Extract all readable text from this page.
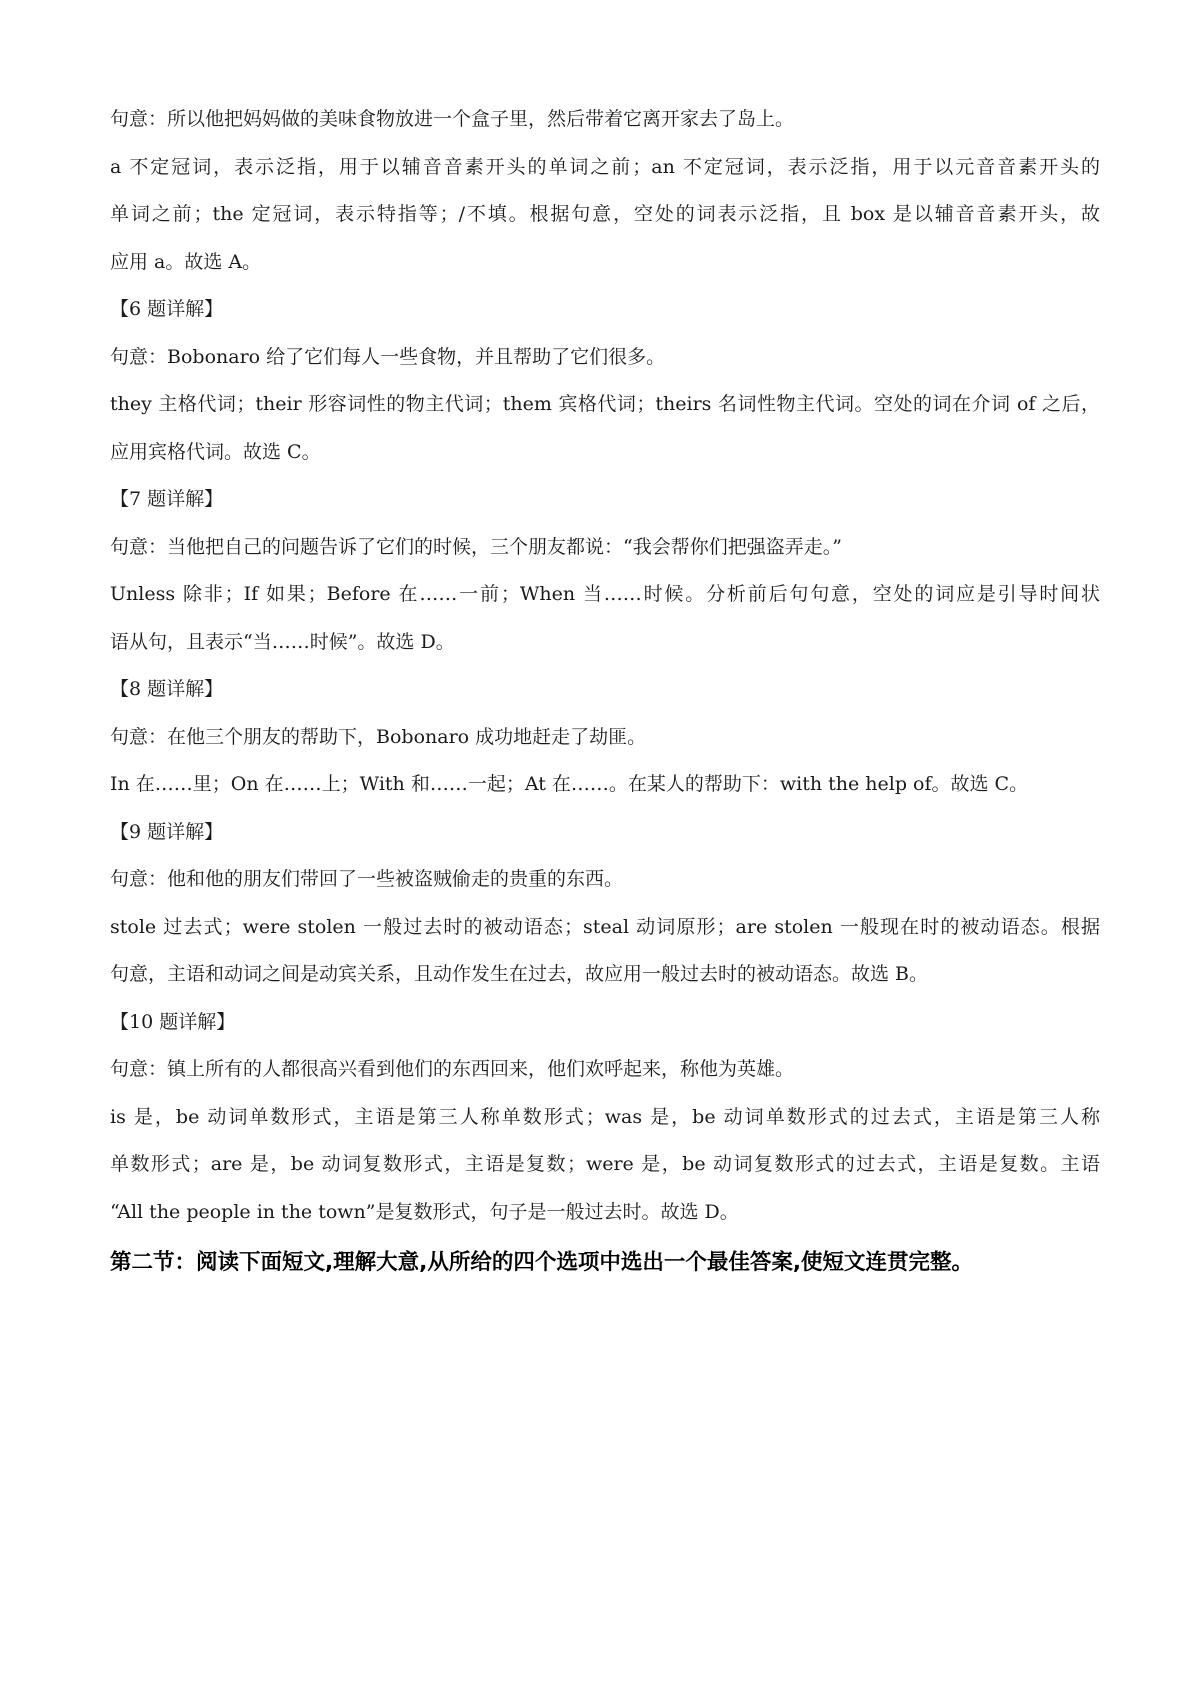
句意：所以他把妈妈做的美味食物放进一个盒子里，然后带着它离开家去了岛上。
a 不定冠词，表示泛指，用于以辅音音素开头的单词之前；an 不定冠词，表示泛指，用于以元音音素开头的
单词之前；the 定冠词，表示特指等；/不填。根据句意，空处的词表示泛指，且 box 是以辅音音素开头，故
应用 a。故选 A。
【6 题详解】
句意：Bobonaro 给了它们每人一些食物，并且帮助了它们很多。
they 主格代词；their 形容词性的物主代词；them 宾格代词；theirs 名词性物主代词。空处的词在介词 of 之后，
应用宾格代词。故选 C。
【7 题详解】
句意：当他把自己的问题告诉了它们的时候，三个朋友都说：“我会帮你们把强盗弄走。”
Unless 除非；If 如果；Before 在……一前；When 当……时候。分析前后句句意，空处的词应是引导时间状
语从句，且表示“当……时候”。故选 D。
【8 题详解】
句意：在他三个朋友的帮助下，Bobonaro 成功地赶走了劫匪。
In 在……里；On 在……上；With 和……一起；At 在……。在某人的帮助下：with the help of。故选 C。
【9 题详解】
句意：他和他的朋友们带回了一些被盗贼偷走的贵重的东西。
stole 过去式；were stolen 一般过去时的被动语态；steal 动词原形；are stolen 一般现在时的被动语态。根据
句意，主语和动词之间是动宾关系，且动作发生在过去，故应用一般过去时的被动语态。故选 B。
【10 题详解】
句意：镇上所有的人都很高兴看到他们的东西回来，他们欢呼起来，称他为英雄。
is 是，be 动词单数形式，主语是第三人称单数形式；was 是，be 动词单数形式的过去式，主语是第三人称
单数形式；are 是，be 动词复数形式，主语是复数；were 是，be 动词复数形式的过去式，主语是复数。主语
“All the people in the town”是复数形式，句子是一般过去时。故选 D。
第二节：阅读下面短文,理解大意,从所给的四个选项中选出一个最佳答案,使短文连贯完整。
